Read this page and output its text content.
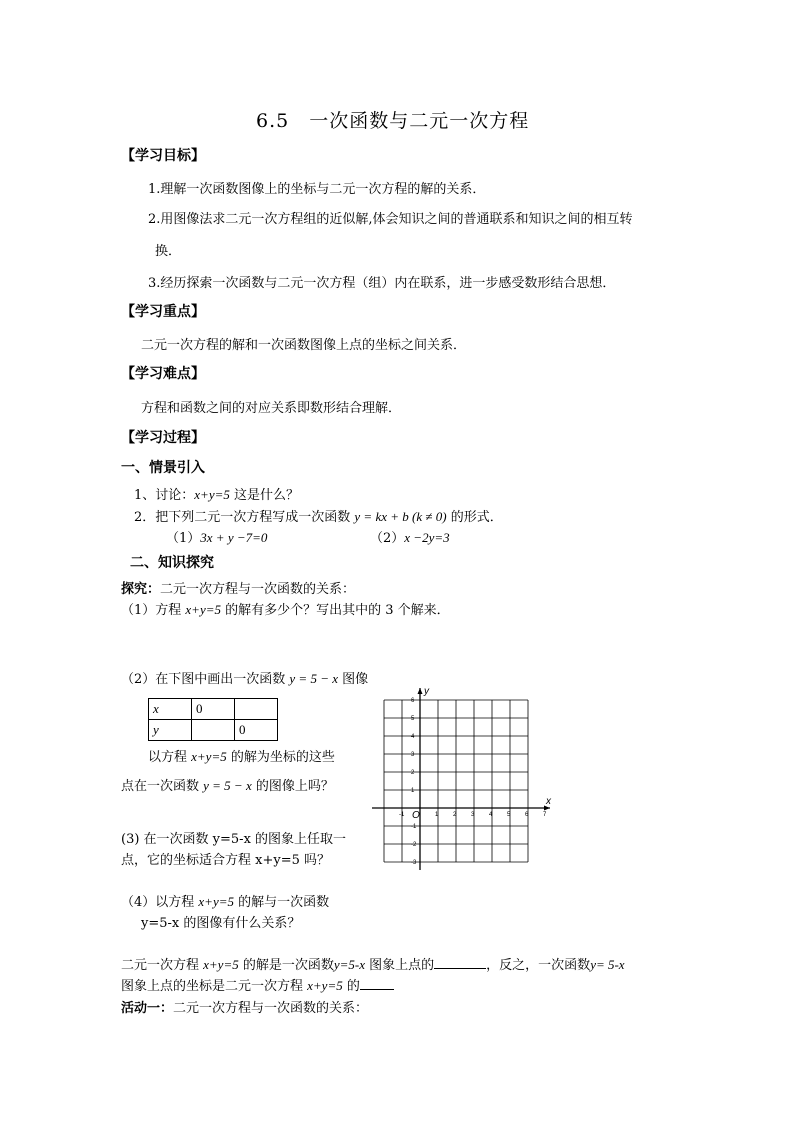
6.5　一次函数与二元一次方程
【学习目标】
1.理解一次函数图像上的坐标与二元一次方程的解的关系．
2.用图像法求二元一次方程组的近似解,体会知识之间的普通联系和知识之间的相互转
换．
3.经历探索一次函数与二元一次方程（组）内在联系，进一步感受数形结合思想．
【学习重点】
二元一次方程的解和一次函数图像上点的坐标之间关系．
【学习难点】
方程和函数之间的对应关系即数形结合理解．
【学习过程】
一、情景引入
1、讨论：x+y=5 这是什么？
2．把下列二元一次方程写成一次函数 y = kx + b (k ≠ 0) 的形式．
（1）3x + y −7=0	（2）x −2y=3
二、知识探究
探究：二元一次方程与一次函数的关系：
（1）方程 x+y=5 的解有多少个？写出其中的 3 个解来．
（2）在下图中画出一次函数 y = 5 − x 图像
x	0	
y		0
以方程 x+y=5 的解为坐标的这些
点在一次函数 y = 5 − x 的图像上吗？
(3) 在一次函数 y=5-x 的图象上任取一
点，它的坐标适合方程 x+y=5 吗？
（4）以方程 x+y=5 的解与一次函数
y=5-x 的图像有什么关系？
二元一次方程 x+y=5 的解是一次函数y=5-x 图象上点的	，反之，一次函数y= 5-x
图象上点的坐标是二元一次方程 x+y=5 的
活动一：二元一次方程与一次函数的关系：
x
y
O
-1	1 2 3 4 5 6 7
6
5
4
3
2
1
-1
-2
-3
